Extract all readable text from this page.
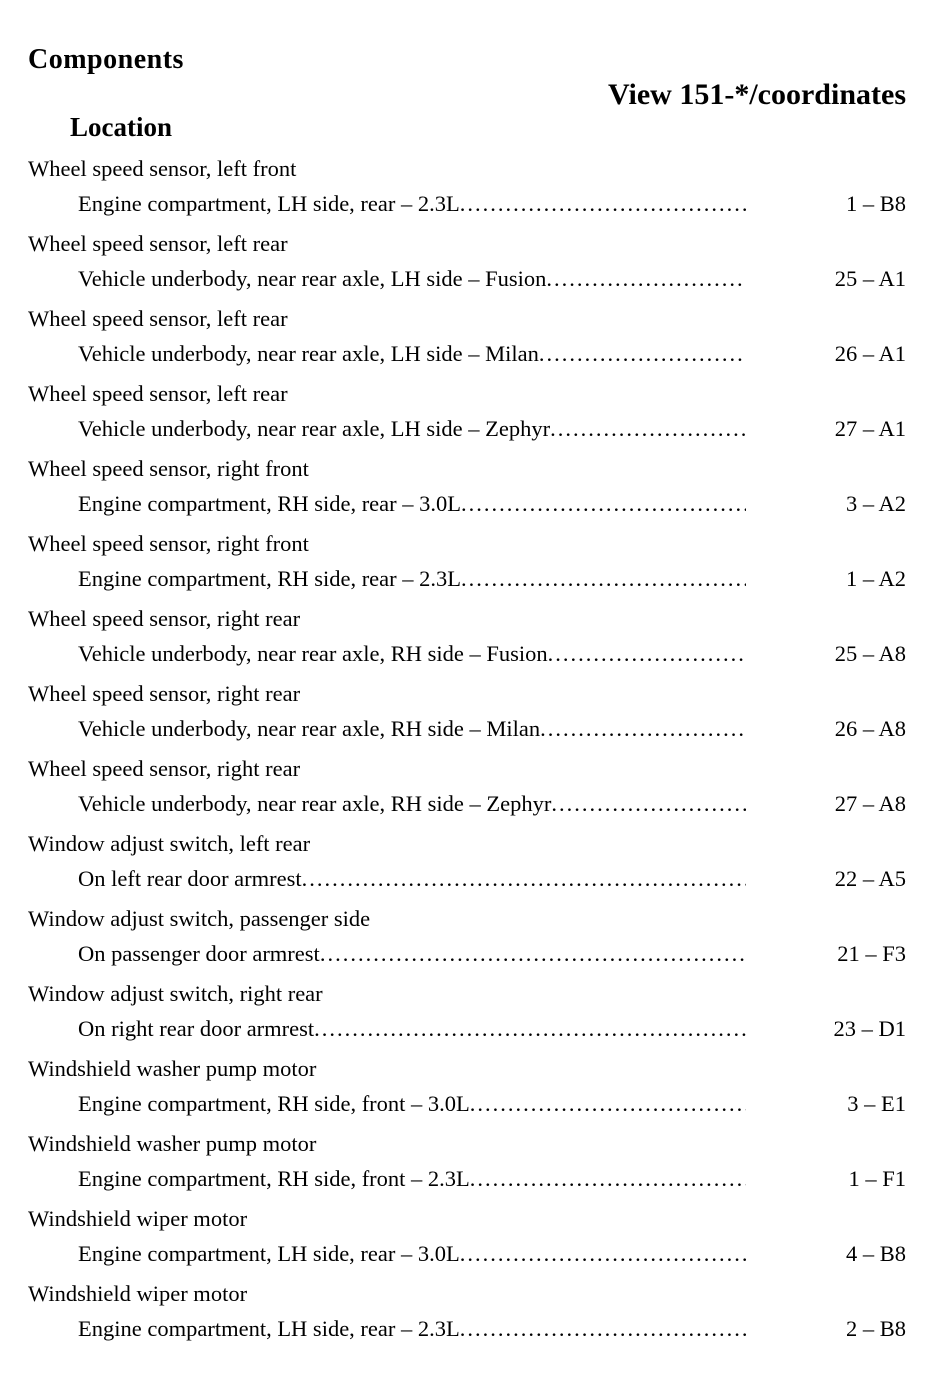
Components
View 151-*/coordinates
Location
Wheel speed sensor, left front
Engine compartment, LH side, rear – 2.3L .....	1 – B8
Wheel speed sensor, left rear
Vehicle underbody, near rear axle, LH side – Fusion .....	25 – A1
Wheel speed sensor, left rear
Vehicle underbody, near rear axle, LH side – Milan .....	26 – A1
Wheel speed sensor, left rear
Vehicle underbody, near rear axle, LH side – Zephyr .....	27 – A1
Wheel speed sensor, right front
Engine compartment, RH side, rear – 3.0L .....	3 – A2
Wheel speed sensor, right front
Engine compartment, RH side, rear – 2.3L .....	1 – A2
Wheel speed sensor, right rear
Vehicle underbody, near rear axle, RH side – Fusion .....	25 – A8
Wheel speed sensor, right rear
Vehicle underbody, near rear axle, RH side – Milan .....	26 – A8
Wheel speed sensor, right rear
Vehicle underbody, near rear axle, RH side – Zephyr .....	27 – A8
Window adjust switch, left rear
On left rear door armrest .....	22 – A5
Window adjust switch, passenger side
On passenger door armrest .....	21 – F3
Window adjust switch, right rear
On right rear door armrest .....	23 – D1
Windshield washer pump motor
Engine compartment, RH side, front – 3.0L .....	3 – E1
Windshield washer pump motor
Engine compartment, RH side, front – 2.3L .....	1 – F1
Windshield wiper motor
Engine compartment, LH side, rear – 3.0L .....	4 – B8
Windshield wiper motor
Engine compartment, LH side, rear – 2.3L .....	2 – B8
